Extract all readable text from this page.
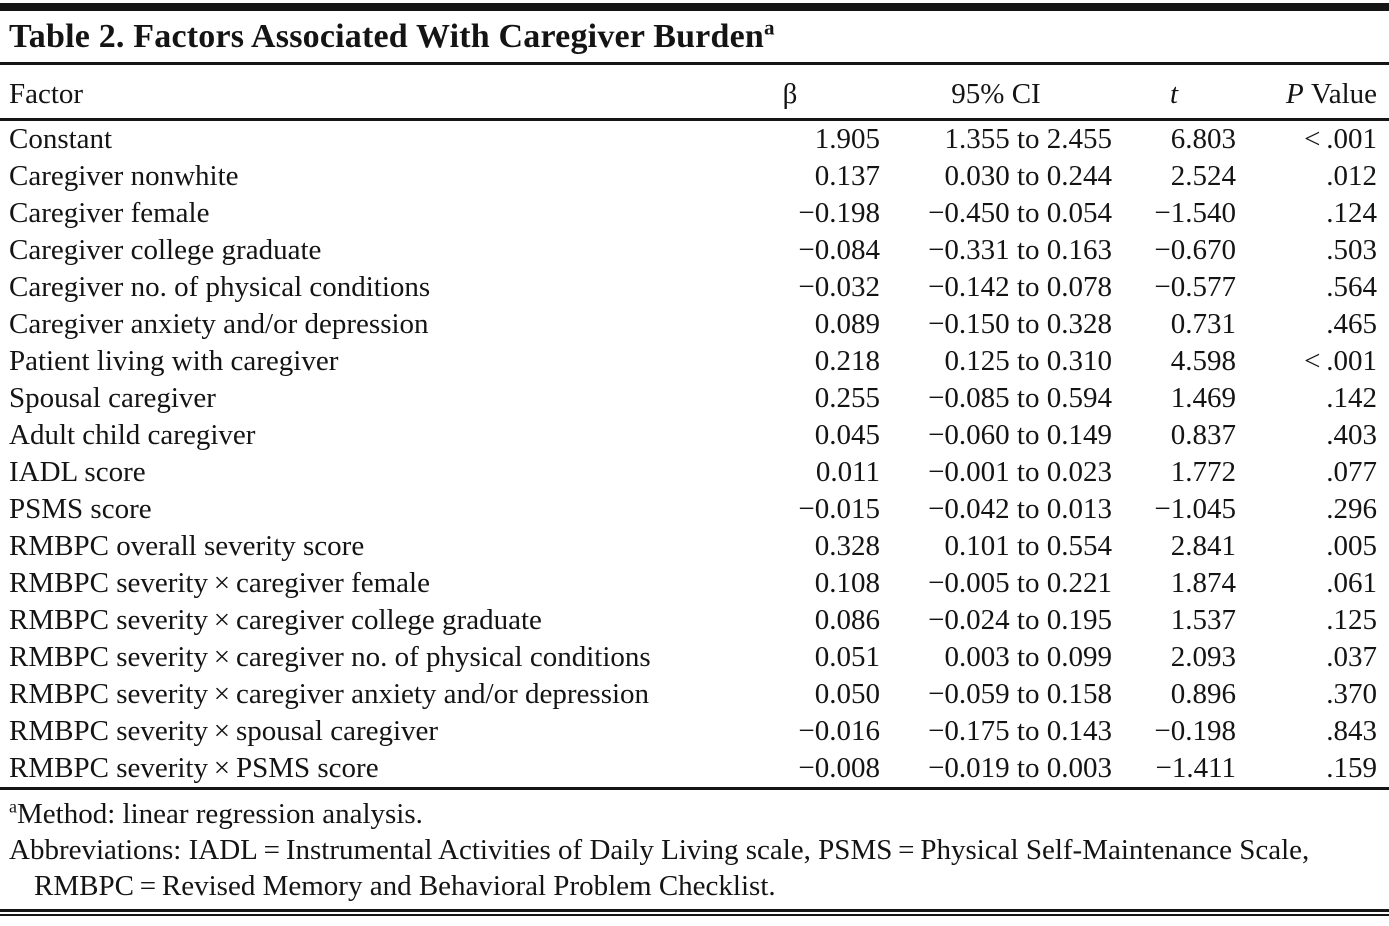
Table 2. Factors Associated With Caregiver Burden$^a$
Factor	β	95% CI	t	P Value
Constant	1.905	1.355 to 2.455	6.803	< .001
Caregiver nonwhite	0.137	0.030 to 0.244	2.524	.012
Caregiver female	−0.198	−0.450 to 0.054	−1.540	.124
Caregiver college graduate	−0.084	−0.331 to 0.163	−0.670	.503
Caregiver no. of physical conditions	−0.032	−0.142 to 0.078	−0.577	.564
Caregiver anxiety and/or depression	0.089	−0.150 to 0.328	0.731	.465
Patient living with caregiver	0.218	0.125 to 0.310	4.598	< .001
Spousal caregiver	0.255	−0.085 to 0.594	1.469	.142
Adult child caregiver	0.045	−0.060 to 0.149	0.837	.403
IADL score	0.011	−0.001 to 0.023	1.772	.077
PSMS score	−0.015	−0.042 to 0.013	−1.045	.296
RMBPC overall severity score	0.328	0.101 to 0.554	2.841	.005
RMBPC severity × caregiver female	0.108	−0.005 to 0.221	1.874	.061
RMBPC severity × caregiver college graduate	0.086	−0.024 to 0.195	1.537	.125
RMBPC severity × caregiver no. of physical conditions	0.051	0.003 to 0.099	2.093	.037
RMBPC severity × caregiver anxiety and/or depression	0.050	−0.059 to 0.158	0.896	.370
RMBPC severity × spousal caregiver	−0.016	−0.175 to 0.143	−0.198	.843
RMBPC severity × PSMS score	−0.008	−0.019 to 0.003	−1.411	.159
$^a$Method: linear regression analysis.
Abbreviations: IADL = Instrumental Activities of Daily Living scale, PSMS = Physical Self-Maintenance Scale, RMBPC = Revised Memory and Behavioral Problem Checklist.
